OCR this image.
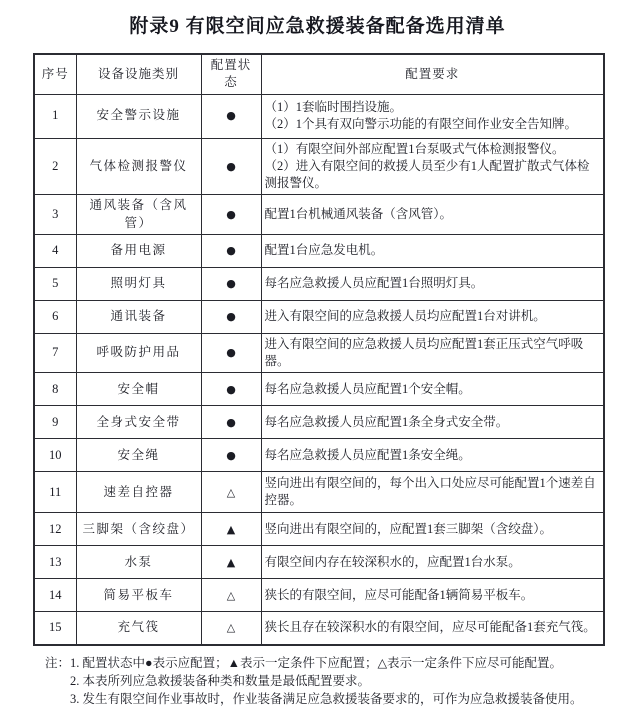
附录9 有限空间应急救援装备配备选用清单
序号	设备设施类别	配置状态	配置要求
1	安全警示设施	●	（1）1套临时围挡设施。
（2）1个具有双向警示功能的有限空间作业安全告知牌。

2	气体检测报警仪	●	（1）有限空间外部应配置1台泵吸式气体检测报警仪。
（2）进入有限空间的救援人员至少有1人配置扩散式气体检测报警仪。

3	通风装备（含风管）	●	配置1台机械通风装备（含风管）。

4	备用电源	●	配置1台应急发电机。

5	照明灯具	●	每名应急救援人员应配置1台照明灯具。

6	通讯装备	●	进入有限空间的应急救援人员均应配置1台对讲机。

7	呼吸防护用品	●	进入有限空间的应急救援人员均应配置1套正压式空气呼吸器。

8	安全帽	●	每名应急救援人员应配置1个安全帽。

9	全身式安全带	●	每名应急救援人员应配置1条全身式安全带。

10	安全绳	●	每名应急救援人员应配置1条安全绳。

11	速差自控器	△	竖向进出有限空间的，每个出入口处应尽可能配置1个速差自控器。

12	三脚架（含绞盘）	▲	竖向进出有限空间的，应配置1套三脚架（含绞盘）。

13	水泵	▲	有限空间内存在较深积水的，应配置1台水泵。

14	简易平板车	△	狭长的有限空间，应尽可能配备1辆简易平板车。

15	充气筏	△	狭长且存在较深积水的有限空间，应尽可能配备1套充气筏。
注： 1. 配置状态中●表示应配置；▲表示一定条件下应配置；△表示一定条件下应尽可能配置。
2. 本表所列应急救援装备种类和数量是最低配置要求。
3. 发生有限空间作业事故时，作业装备满足应急救援装备要求的，可作为应急救援装备使用。
